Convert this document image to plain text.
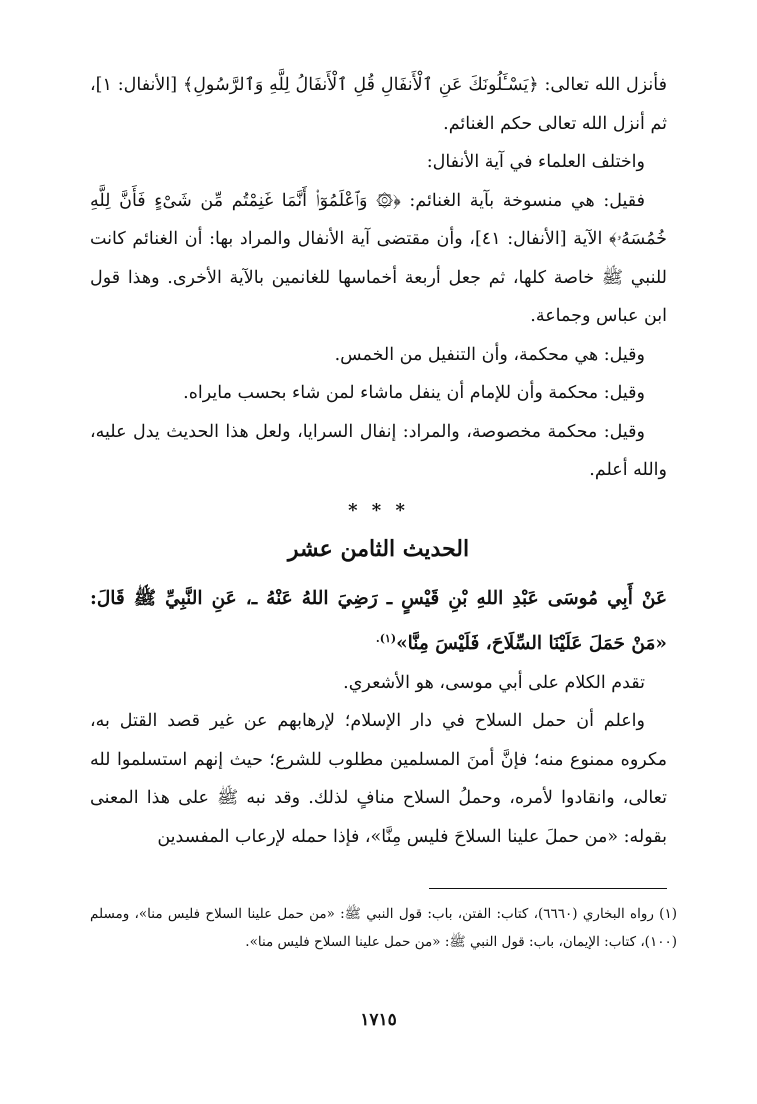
فأنزل الله تعالى: ﴿يَسْـَٔلُونَكَ عَنِ ٱلْأَنفَالِ قُلِ ٱلْأَنفَالُ لِلَّهِ وَٱلرَّسُولِ﴾ [الأنفال: ١]، ثم أنزل الله تعالى حكم الغنائم.

واختلف العلماء في آية الأنفال:

فقيل: هي منسوخة بآية الغنائم: ﴿۞ وَٱعْلَمُوٓا۟ أَنَّمَا غَنِمْتُم مِّن شَىْءٍ فَأَنَّ لِلَّهِ خُمُسَهُۥ﴾ الآية [الأنفال: ٤١]، وأن مقتضى آية الأنفال والمراد بها: أن الغنائم كانت للنبي ﷺ خاصة كلها، ثم جعل أربعة أخماسها للغانمين بالآية الأخرى. وهذا قول ابن عباس وجماعة.

وقيل: هي محكمة، وأن التنفيل من الخمس.

وقيل: محكمة وأن للإمام أن ينفل ماشاء لمن شاء بحسب مايراه.

وقيل: محكمة مخصوصة، والمراد: إنفال السرايا، ولعل هذا الحديث يدل عليه، والله أعلم.

* * *
الحديث الثامن عشر

عَنْ أَبِي مُوسَى عَبْدِ اللهِ بْنِ قَيْسٍ ـ رَضِيَ اللهُ عَنْهُ ـ، عَنِ النَّبِيِّ ﷺ قَالَ: «مَنْ حَمَلَ عَلَيْنَا السِّلَاحَ، فَلَيْسَ مِنَّا»$^{(١).}$

تقدم الكلام على أبي موسى، هو الأشعري.

واعلم أن حمل السلاح في دار الإسلام؛ لإرهابهم عن غير قصد القتل به، مكروه ممنوع منه؛ فإنَّ أمنَ المسلمين مطلوب للشرع؛ حيث إنهم استسلموا لله تعالى، وانقادوا لأمره، وحملُ السلاح منافٍ لذلك. وقد نبه ﷺ على هذا المعنى بقوله: «من حملَ علينا السلاحَ فليس مِنَّا»، فإذا حمله لإرعاب المفسدين

(١) رواه البخاري (٦٦٦٠)، كتاب: الفتن، باب: قول النبي ﷺ: «من حمل علينا السلاح فليس منا»، ومسلم (١٠٠)، كتاب: الإيمان، باب: قول النبي ﷺ: «من حمل علينا السلاح فليس منا».
١٧١٥
